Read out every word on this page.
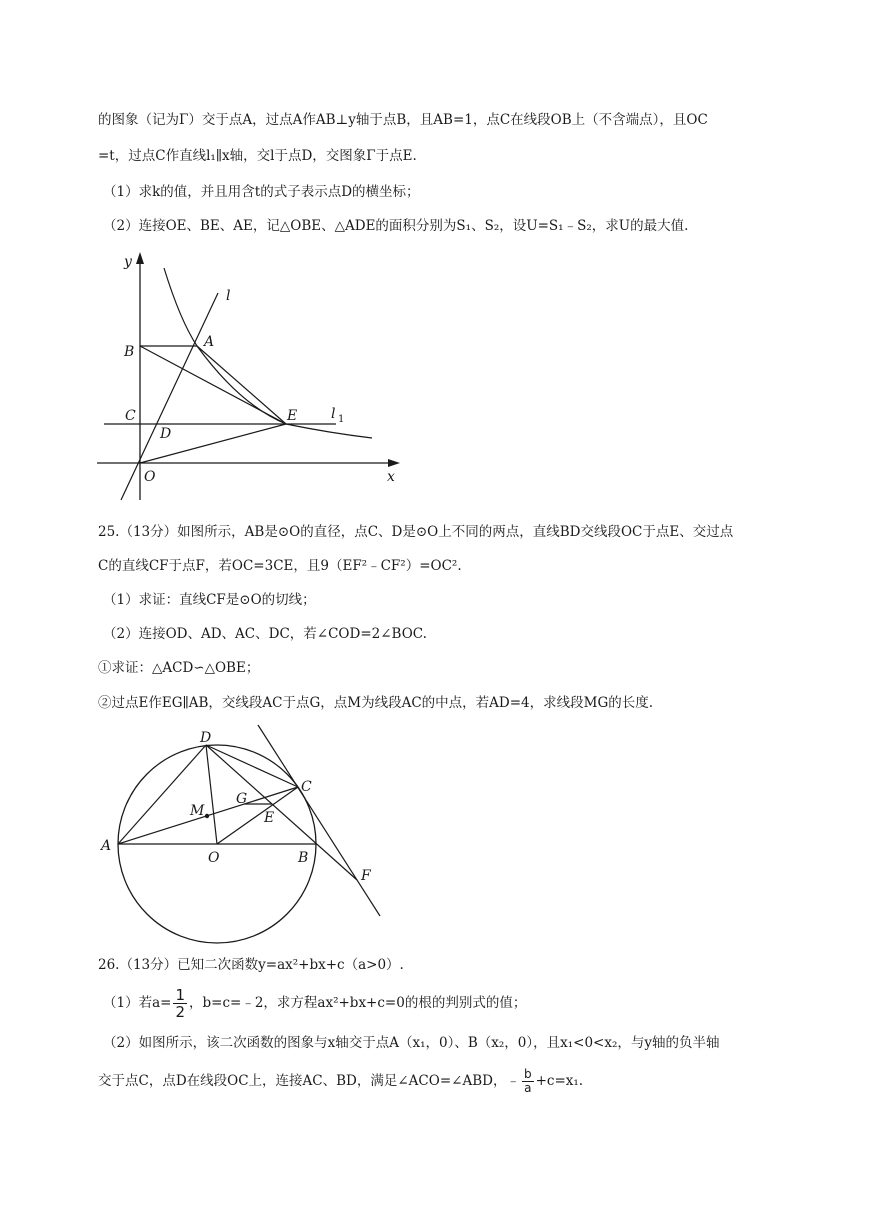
的图象（记为Γ）交于点A，过点A作AB⊥y轴于点B，且AB=1，点C在线段OB上（不含端点），且OC
=t，过点C作直线l₁∥x轴，交l于点D，交图象Γ于点E.
（1）求k的值，并且用含t的式子表示点D的横坐标；
（2）连接OE、BE、AE，记△OBE、△ADE的面积分别为S₁、S₂，设U=S₁﹣S₂，求U的最大值.
y
l
A
B
C
D
E l 1
O	x
25.（13分）如图所示，AB是⊙O的直径，点C、D是⊙O上不同的两点，直线BD交线段OC于点E、交过点
C的直线CF于点F，若OC=3CE，且9（EF²﹣CF²）=OC².
（1）求证：直线CF是⊙O的切线；
（2）连接OD、AD、AC、DC，若∠COD=2∠BOC.
①求证：△ACD∽△OBE；
②过点E作EG∥AB，交线段AC于点G，点M为线段AC的中点，若AD=4，求线段MG的长度.
D
C
G
M	E
A
O	B
F
26.（13分）已知二次函数y=ax²+bx+c（a>0）.
（1）若$a= \frac{1}{2}$ ，b=c=﹣2，求方程ax²+bx+c=0的根的判别式的值；
（2）如图所示，该二次函数的图象与x轴交于点A（x₁，0）、B（x₂，0），且x₁<0<x₂，与y轴的负半轴
交于点C，点D在线段OC上，连接AC、BD，满足∠ACO=∠ABD，﹣ $\frac{b}{a} +c=x_1$.
